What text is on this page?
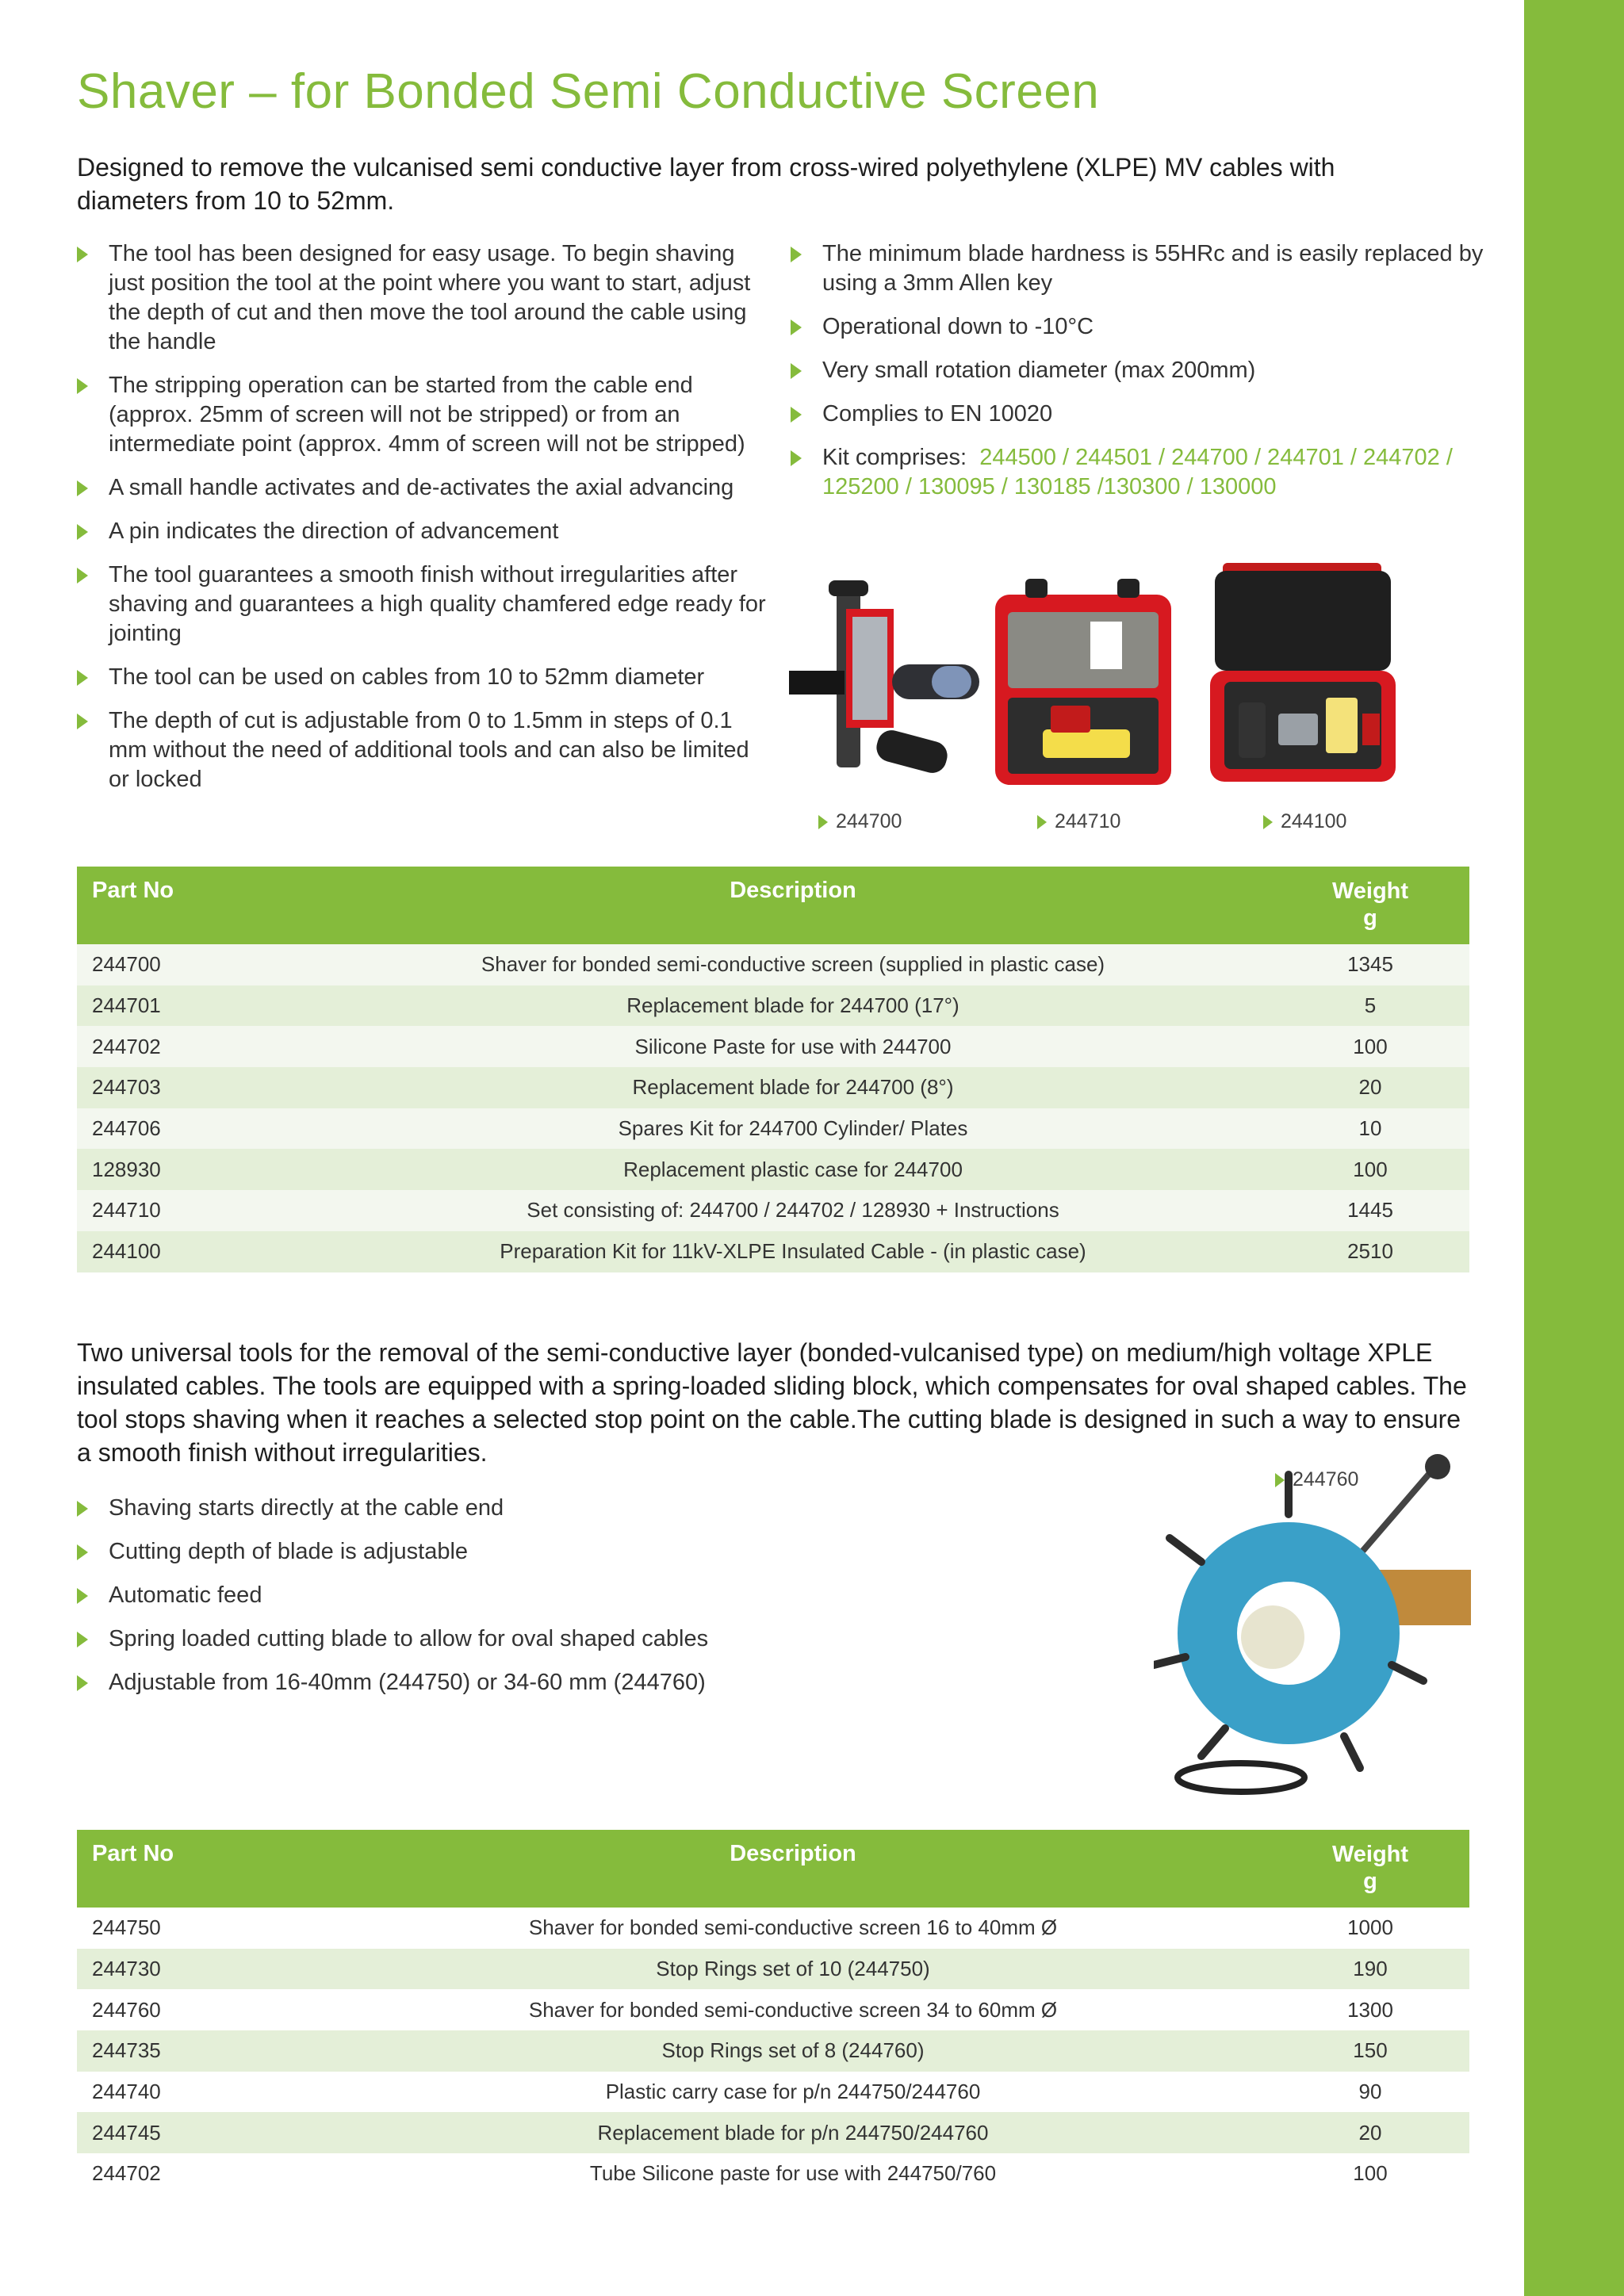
Shaver – for Bonded Semi Conductive Screen

Designed to remove the vulcanised semi conductive layer from cross-wired polyethylene (XLPE) MV cables with diameters from 10 to 52mm.

The tool has been designed for easy usage. To begin shaving just position the tool at the point where you want to start, adjust the depth of cut and then move the tool around the cable using the handle
The stripping operation can be started from the cable end (approx. 25mm of screen will not be stripped) or from an intermediate point (approx. 4mm of screen will not be stripped)
A small handle activates and de-activates the axial advancing
A pin indicates the direction of advancement
The tool guarantees a smooth finish without irregularities after shaving and guarantees a high quality chamfered edge ready for jointing
The tool can be used on cables from 10 to 52mm diameter
The depth of cut is adjustable from 0 to 1.5mm in steps of 0.1 mm without the need of additional tools and can also be limited or locked
The minimum blade hardness is 55HRc and is easily replaced by using a 3mm Allen key
Operational down to -10°C
Very small rotation diameter (max 200mm)
Complies to EN 10020
Kit comprises: 244500 / 244501 / 244700 / 244701 / 244702 / 125200 / 130095 / 130185 /130300 / 130000
244700	244710	244100
Part No	Description	Weight
g
244700	Shaver for bonded semi-conductive screen (supplied in plastic case)	1345
244701	Replacement blade for 244700 (17°)	5
244702	Silicone Paste for use with 244700	100
244703	Replacement blade for 244700 (8°)	20
244706	Spares Kit for 244700 Cylinder/ Plates	10
128930	Replacement plastic case for 244700	100
244710	Set consisting of: 244700 / 244702 / 128930 + Instructions	1445
244100	Preparation Kit for 11kV-XLPE Insulated Cable - (in plastic case)	2510

Two universal tools for the removal of the semi-conductive layer (bonded-vulcanised type) on medium/high voltage XPLE insulated cables. The tools are equipped with a spring-loaded sliding block, which compensates for oval shaped cables. The tool stops shaving when it reaches a selected stop point on the cable.The cutting blade is designed in such a way to ensure a smooth finish without irregularities.

Shaving starts directly at the cable end
Cutting depth of blade is adjustable
Automatic feed
Spring loaded cutting blade to allow for oval shaped cables
Adjustable from 16-40mm (244750) or 34-60 mm (244760)
244760
Part No	Description	Weight
g
244750	Shaver for bonded semi-conductive screen 16 to 40mm Ø	1000
244730	Stop Rings set of 10 (244750)	190
244760	Shaver for bonded semi-conductive screen 34 to 60mm Ø	1300
244735	Stop Rings set of 8 (244760)	150
244740	Plastic carry case for p/n 244750/244760	90
244745	Replacement blade for p/n 244750/244760	20
244702	Tube Silicone paste for use with 244750/760	100
